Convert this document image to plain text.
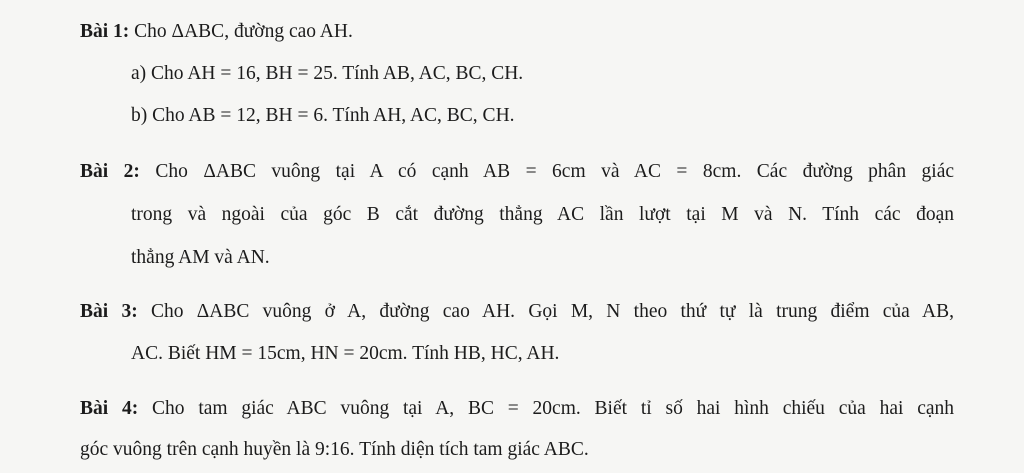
Bài 1: Cho ΔABC, đường cao AH.
a) Cho AH = 16, BH = 25. Tính AB, AC, BC, CH.
b) Cho AB = 12, BH = 6. Tính AH, AC, BC, CH.
Bài 2: Cho ΔABC vuông tại A có cạnh AB = 6cm và AC = 8cm. Các đường phân giác
trong và ngoài của góc B cắt đường thẳng AC lần lượt tại M và N. Tính các đoạn
thẳng AM và AN.
Bài 3: Cho ΔABC vuông ở A, đường cao AH. Gọi M, N theo thứ tự là trung điểm của AB,
AC. Biết HM = 15cm, HN = 20cm. Tính HB, HC, AH.
Bài 4: Cho tam giác ABC vuông tại A, BC = 20cm. Biết tỉ số hai hình chiếu của hai cạnh
góc vuông trên cạnh huyền là 9:16. Tính diện tích tam giác ABC.
